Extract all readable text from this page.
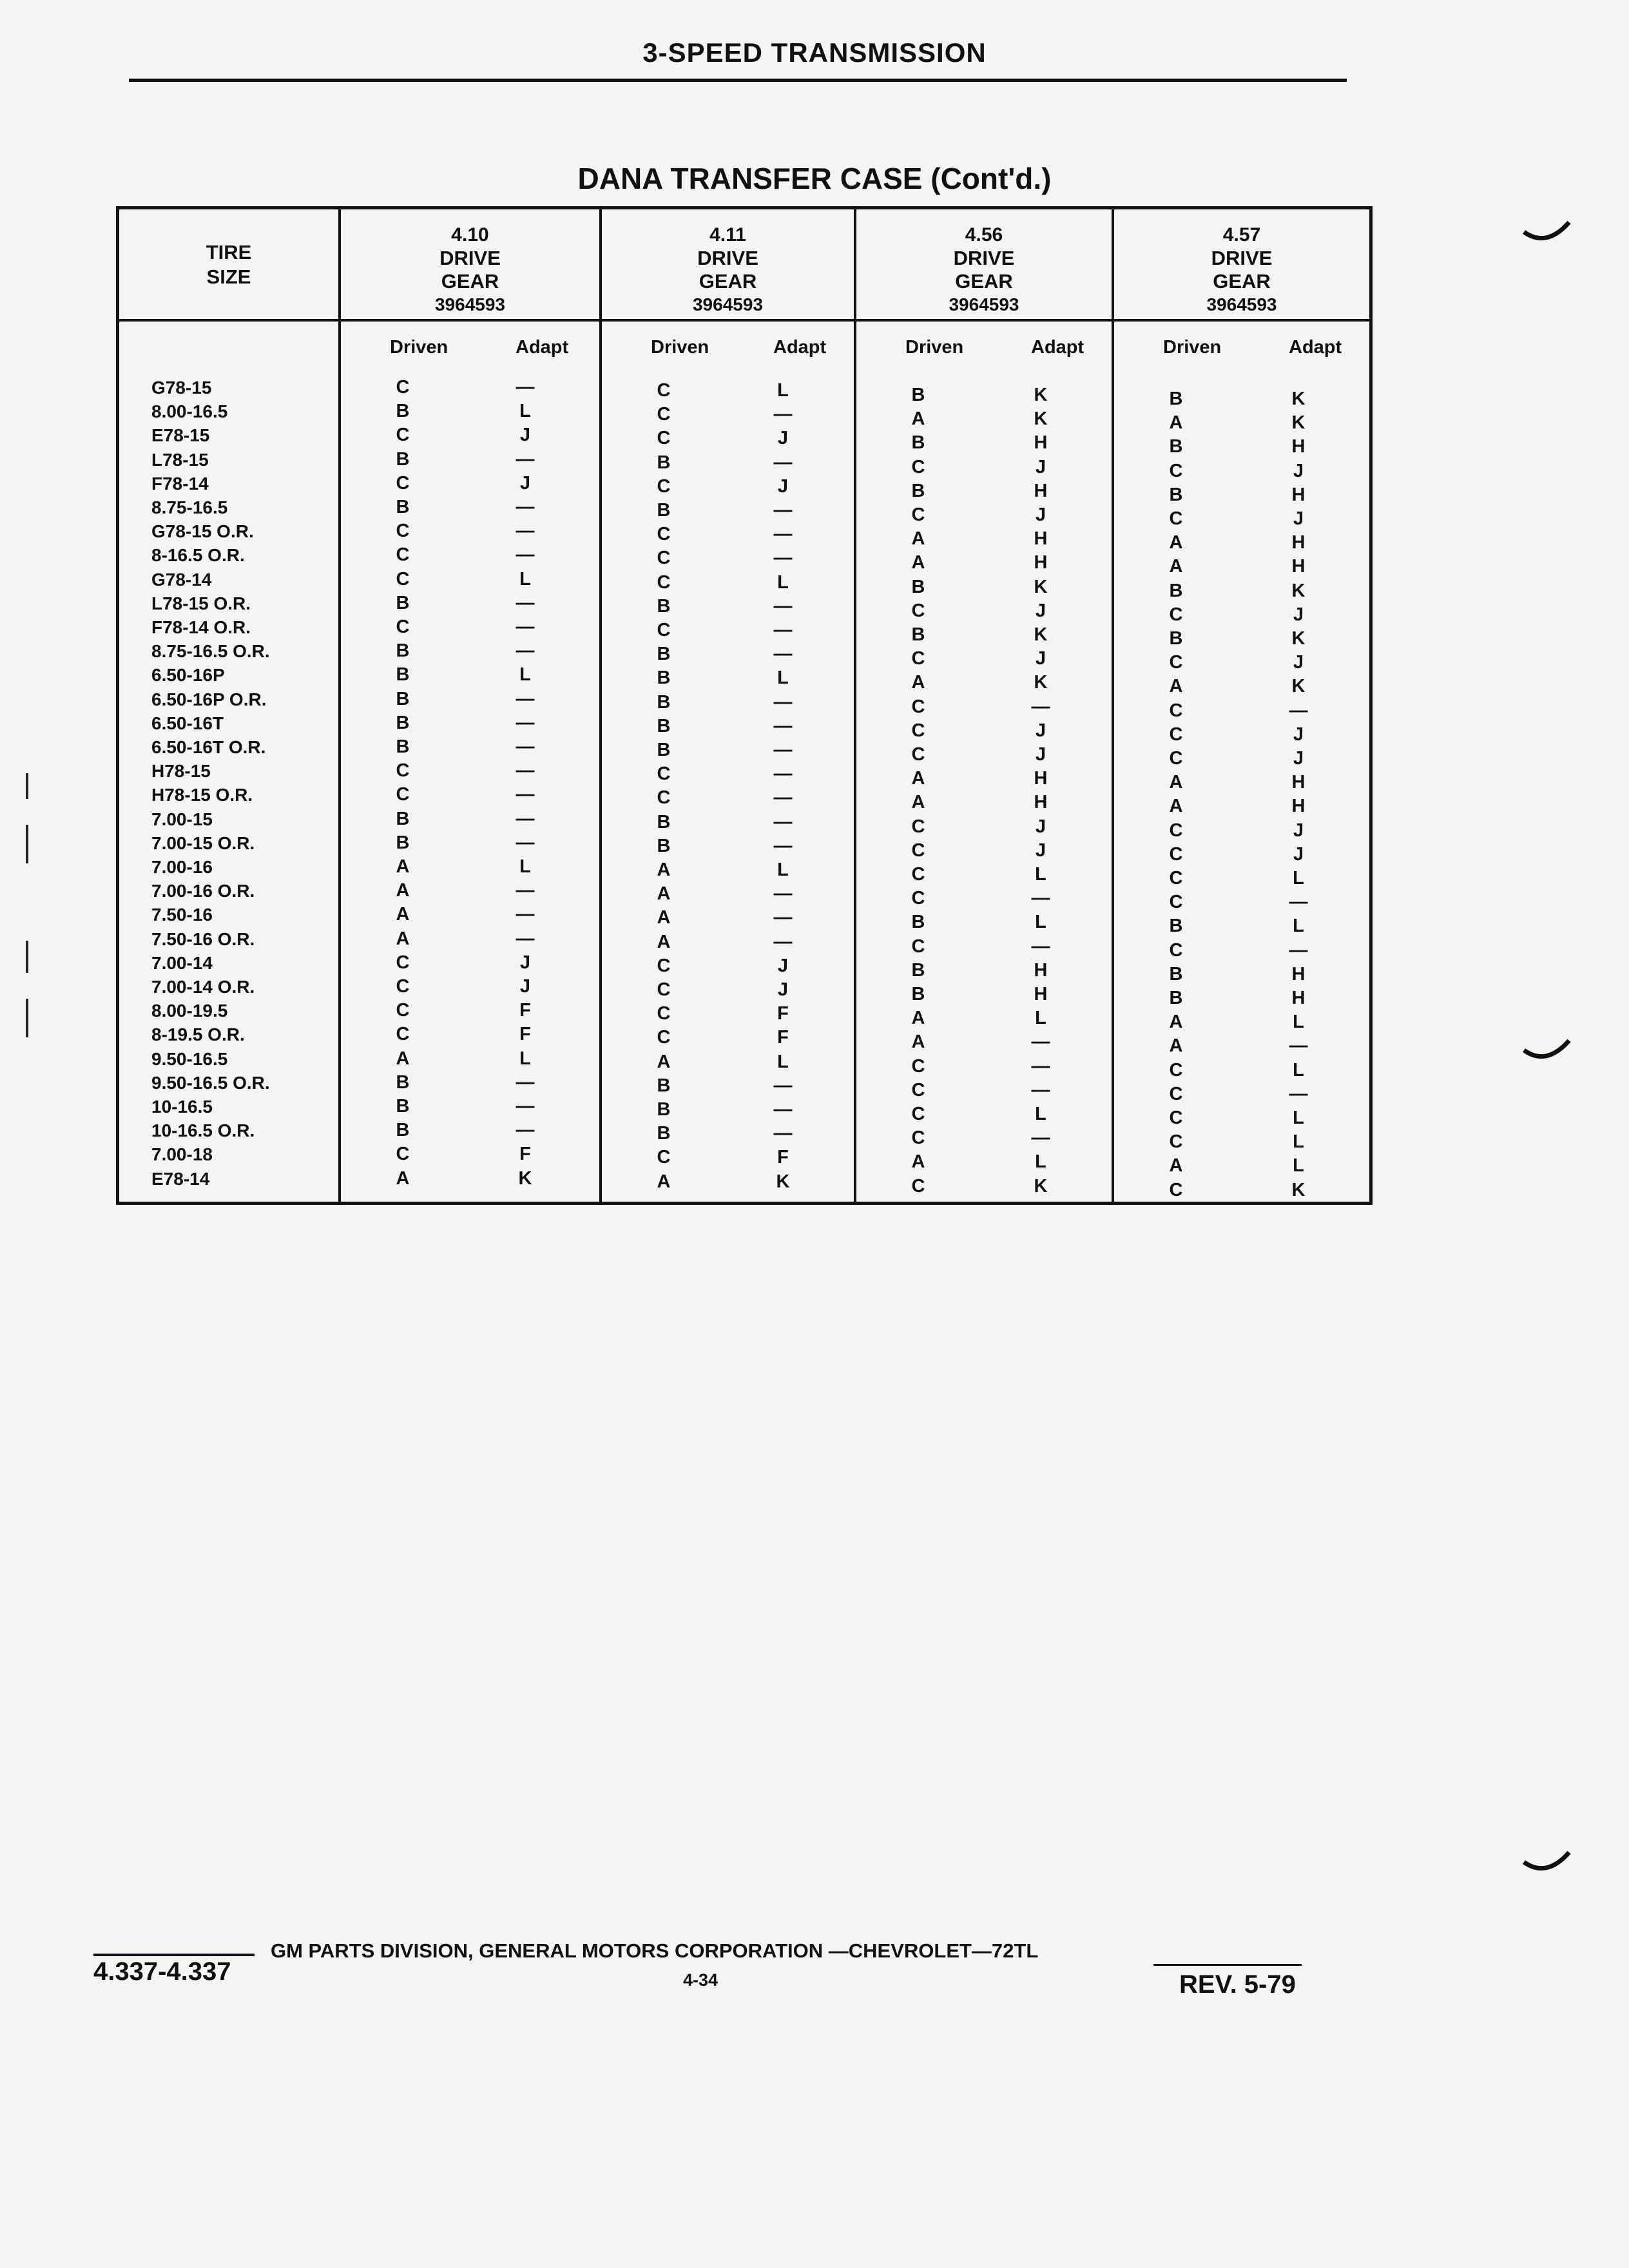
3-SPEED TRANSMISSION
DANA TRANSFER CASE (Cont'd.)
TIRE
SIZE
4.10
DRIVE
GEAR
3964593
4.11
DRIVE
GEAR
3964593
4.56
DRIVE
GEAR
3964593
4.57
DRIVE
GEAR
3964593
Driven	Adapt	Driven	Adapt	Driven	Adapt	Driven	Adapt
G78-15	C	—	C	L	B	K	B	K
8.00-16.5	B	L	C	—	A	K	A	K
E78-15	C	J	C	J	B	H	B	H
L78-15	B	—	B	—	C	J	C	J
F78-14	C	J	C	J	B	H	B	H
8.75-16.5	B	—	B	—	C	J	C	J
G78-15 O.R.	C	—	C	—	A	H	A	H
8-16.5 O.R.	C	—	C	—	A	H	A	H
G78-14	C	L	C	L	B	K	B	K
L78-15 O.R.	B	—	B	—	C	J	C	J
F78-14 O.R.	C	—	C	—	B	K	B	K
8.75-16.5 O.R.	B	—	B	—	C	J	C	J
6.50-16P	B	L	B	L	A	K	A	K
6.50-16P O.R.	B	—	B	—	C	—	C	—
6.50-16T	B	—	B	—	C	J	C	J
6.50-16T O.R.	B	—	B	—	C	J	C	J
H78-15	C	—	C	—	A	H	A	H
H78-15 O.R.	C	—	C	—	A	H	A	H
7.00-15	B	—	B	—	C	J	C	J
7.00-15 O.R.	B	—	B	—	C	J	C	J
7.00-16	A	L	A	L	C	L	C	L
7.00-16 O.R.	A	—	A	—	C	—	C	—
7.50-16	A	—	A	—	B	L	B	L
7.50-16 O.R.	A	—	A	—	C	—	C	—
7.00-14	C	J	C	J	B	H	B	H
7.00-14 O.R.	C	J	C	J	B	H	B	H
8.00-19.5	C	F	C	F	A	L	A	L
8-19.5 O.R.	C	F	C	F	A	—	A	—
9.50-16.5	A	L	A	L	C	—	C	L
9.50-16.5 O.R.	B	—	B	—	C	—	C	—
10-16.5	B	—	B	—	C	L	C	L
10-16.5 O.R.	B	—	B	—	C	—	C	L
7.00-18	C	F	C	F	A	L	A	L
E78-14	A	K	A	K	C	K	C	K
4.337-4.337
GM PARTS DIVISION, GENERAL MOTORS CORPORATION —CHEVROLET—72TL
4-34	REV. 5-79
